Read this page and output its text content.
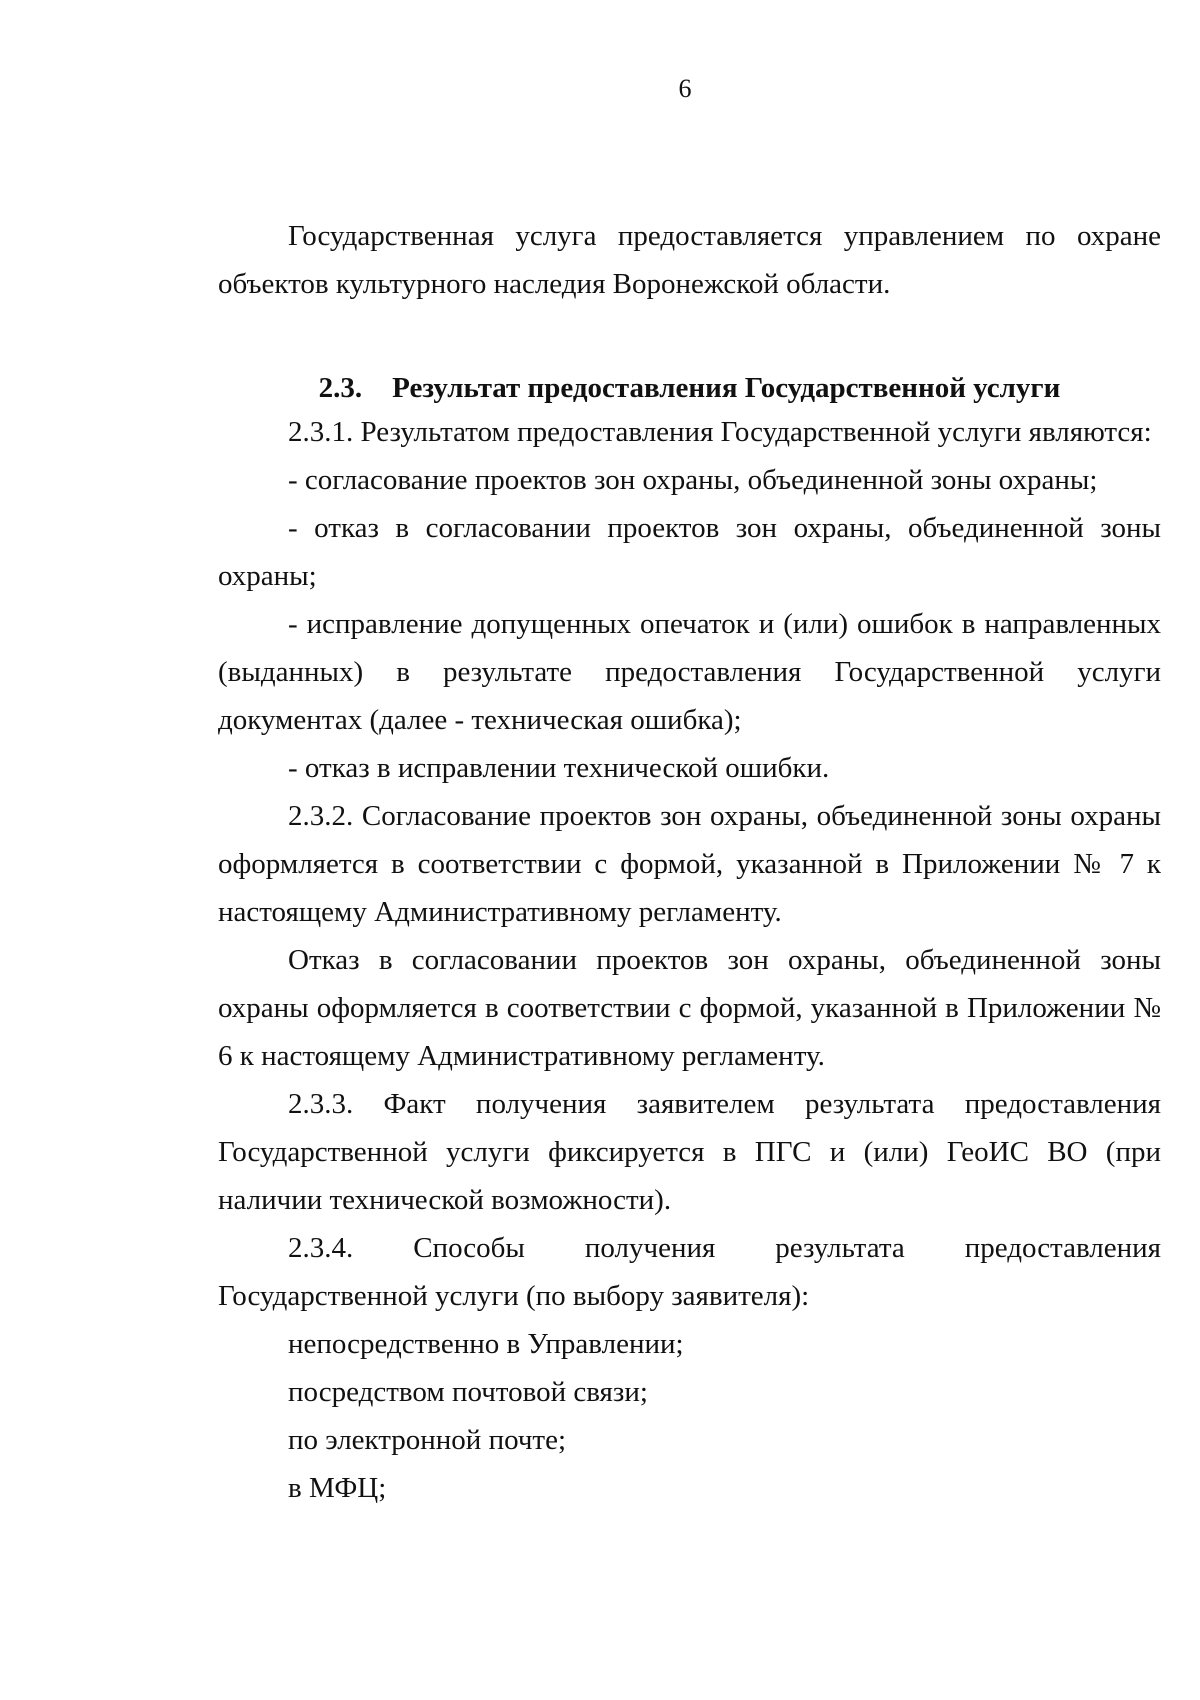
6

Государственная услуга предоставляется управлением по охране объектов культурного наследия Воронежской области.

2.3. Результат предоставления Государственной услуги

2.3.1. Результатом предоставления Государственной услуги являются:

- согласование проектов зон охраны, объединенной зоны охраны;

- отказ в согласовании проектов зон охраны, объединенной зоны охраны;

- исправление допущенных опечаток и (или) ошибок в направленных (выданных) в результате предоставления Государственной услуги документах (далее - техническая ошибка);

- отказ в исправлении технической ошибки.

2.3.2. Согласование проектов зон охраны, объединенной зоны охраны оформляется в соответствии с формой, указанной в Приложении № 7 к настоящему Административному регламенту.

Отказ в согласовании проектов зон охраны, объединенной зоны охраны оформляется в соответствии с формой, указанной в Приложении № 6 к настоящему Административному регламенту.

2.3.3. Факт получения заявителем результата предоставления Государственной услуги фиксируется в ПГС и (или) ГеоИС ВО (при наличии технической возможности).

2.3.4. Способы получения результата предоставления Государственной услуги (по выбору заявителя):

непосредственно в Управлении;

посредством почтовой связи;

по электронной почте;

в МФЦ;
